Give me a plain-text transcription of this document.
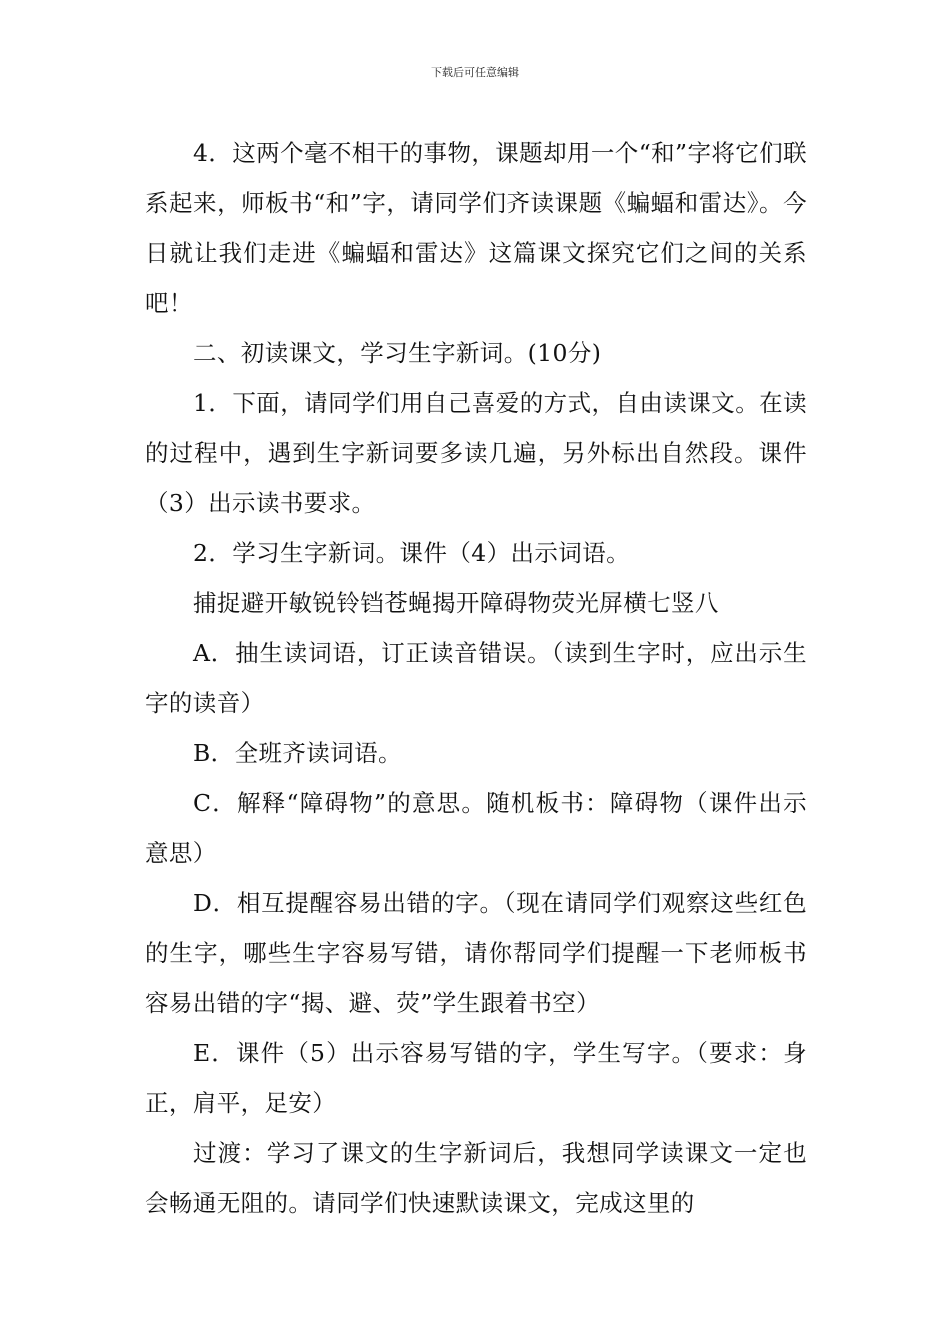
下载后可任意编辑

4．这两个毫不相干的事物，课题却用一个“和”字将它们联系起来，师板书“和”字，请同学们齐读课题《蝙蝠和雷达》。今日就让我们走进《蝙蝠和雷达》这篇课文探究它们之间的关系吧！

二、初读课文，学习生字新词。(10分)

1．下面，请同学们用自己喜爱的方式，自由读课文。在读的过程中，遇到生字新词要多读几遍，另外标出自然段。课件（3）出示读书要求。

2．学习生字新词。课件（4）出示词语。

捕捉避开敏锐铃铛苍蝇揭开障碍物荧光屏横七竖八

A．抽生读词语，订正读音错误。（读到生字时，应出示生字的读音）

B．全班齐读词语。

C．解释“障碍物”的意思。随机板书：障碍物（课件出示意思）

D．相互提醒容易出错的字。（现在请同学们观察这些红色的生字，哪些生字容易写错，请你帮同学们提醒一下老师板书容易出错的字“揭、避、荧”学生跟着书空）

E．课件（5）出示容易写错的字，学生写字。（要求：身正，肩平，足安）

过渡：学习了课文的生字新词后，我想同学读课文一定也会畅通无阻的。请同学们快速默读课文，完成这里的
